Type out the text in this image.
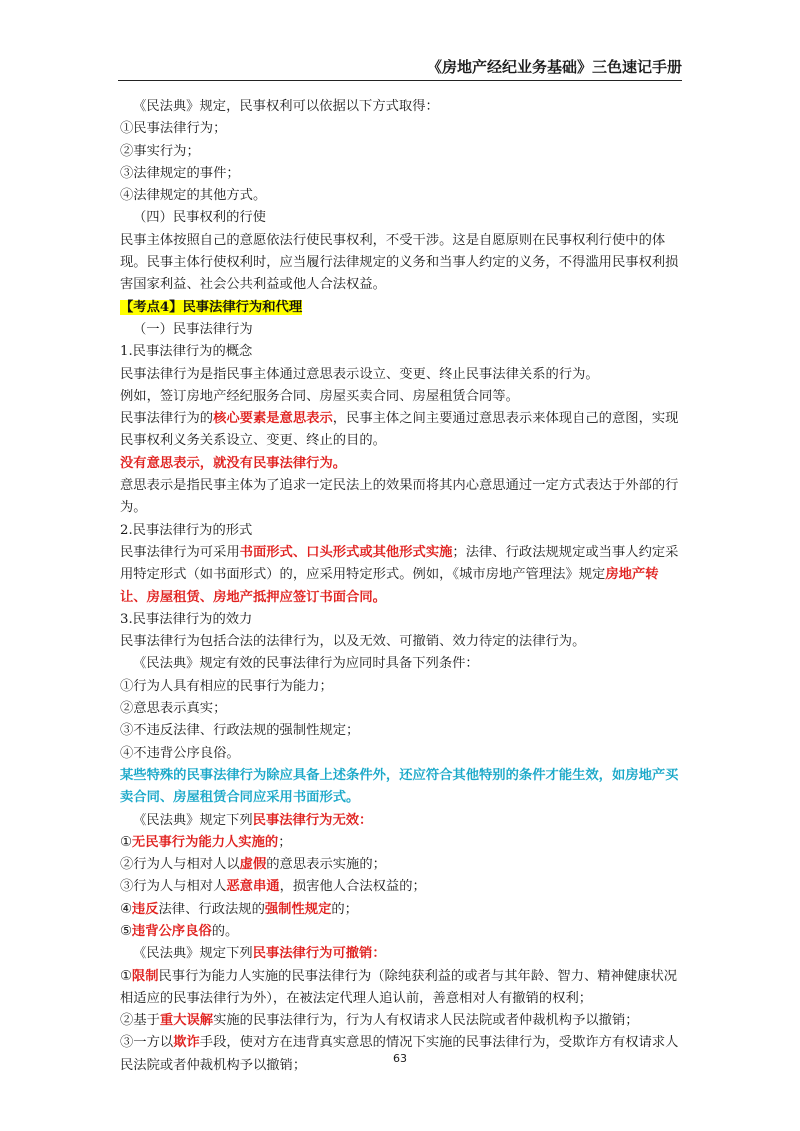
《房地产经纪业务基础》三色速记手册

《民法典》规定，民事权利可以依据以下方式取得：

①民事法律行为；

②事实行为；

③法律规定的事件；

④法律规定的其他方式。

（四）民事权利的行使

民事主体按照自己的意愿依法行使民事权利，不受干涉。这是自愿原则在民事权利行使中的体现。民事主体行使权利时，应当履行法律规定的义务和当事人约定的义务，不得滥用民事权利损害国家利益、社会公共利益或他人合法权益。

【考点4】民事法律行为和代理

（一）民事法律行为

1.民事法律行为的概念

民事法律行为是指民事主体通过意思表示设立、变更、终止民事法律关系的行为。

例如，签订房地产经纪服务合同、房屋买卖合同、房屋租赁合同等。

民事法律行为的核心要素是意思表示，民事主体之间主要通过意思表示来体现自己的意图，实现民事权利义务关系设立、变更、终止的目的。

没有意思表示，就没有民事法律行为。

意思表示是指民事主体为了追求一定民法上的效果而将其内心意思通过一定方式表达于外部的行为。

2.民事法律行为的形式

民事法律行为可采用书面形式、口头形式或其他形式实施；法律、行政法规规定或当事人约定采用特定形式（如书面形式）的，应采用特定形式。例如，《城市房地产管理法》规定房地产转让、房屋租赁、房地产抵押应签订书面合同。

3.民事法律行为的效力

民事法律行为包括合法的法律行为，以及无效、可撤销、效力待定的法律行为。

《民法典》规定有效的民事法律行为应同时具备下列条件：

①行为人具有相应的民事行为能力；

②意思表示真实；

③不违反法律、行政法规的强制性规定；

④不违背公序良俗。

某些特殊的民事法律行为除应具备上述条件外，还应符合其他特别的条件才能生效，如房地产买卖合同、房屋租赁合同应采用书面形式。

《民法典》规定下列民事法律行为无效：

①无民事行为能力人实施的；

②行为人与相对人以虚假的意思表示实施的；

③行为人与相对人恶意串通，损害他人合法权益的；

④违反法律、行政法规的强制性规定的；

⑤违背公序良俗的。

《民法典》规定下列民事法律行为可撤销：

①限制民事行为能力人实施的民事法律行为（除纯获利益的或者与其年龄、智力、精神健康状况相适应的民事法律行为外），在被法定代理人追认前，善意相对人有撤销的权利；

②基于重大误解实施的民事法律行为，行为人有权请求人民法院或者仲裁机构予以撤销；

③一方以欺诈手段，使对方在违背真实意思的情况下实施的民事法律行为，受欺诈方有权请求人民法院或者仲裁机构予以撤销；	63
